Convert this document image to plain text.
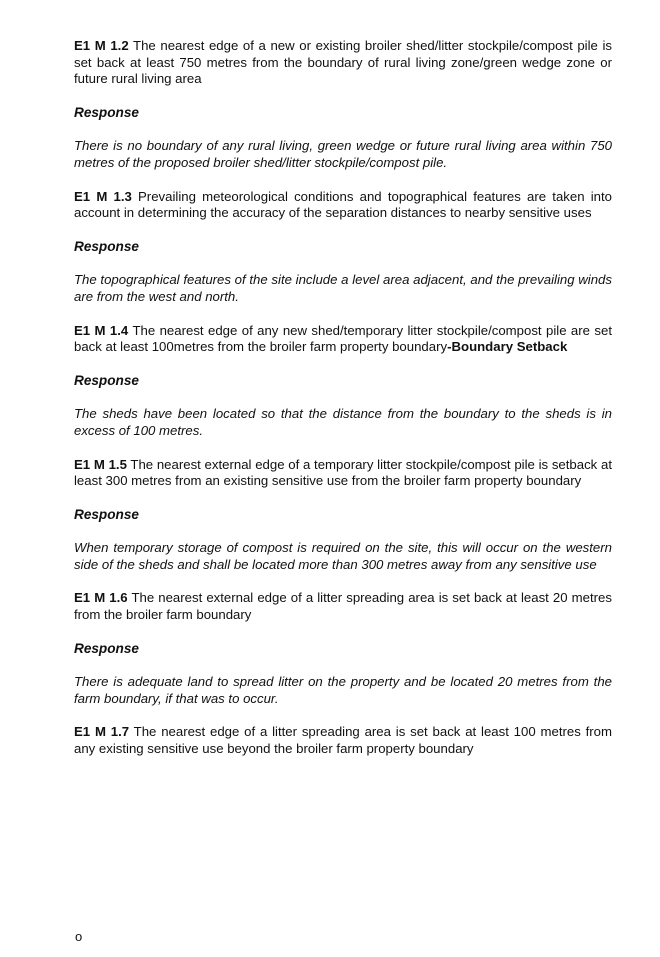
E1 M 1.2 The nearest edge of a new or existing broiler shed/litter stockpile/compost pile is set back at least 750 metres from the boundary of rural living zone/green wedge zone or future rural living area

Response

There is no boundary of any rural living, green wedge or future rural living area within 750 metres of the proposed broiler shed/litter stockpile/compost pile.

E1 M 1.3 Prevailing meteorological conditions and topographical features are taken into account in determining the accuracy of the separation distances to nearby sensitive uses

Response

The topographical features of the site include a level area adjacent, and the prevailing winds are from the west and north.

E1 M 1.4 The nearest edge of any new shed/temporary litter stockpile/compost pile are set back at least 100metres from the broiler farm property boundary-Boundary Setback

Response

The sheds have been located so that the distance from the boundary to the sheds is in excess of 100 metres.

E1 M 1.5 The nearest external edge of a temporary litter stockpile/compost pile is setback at least 300 metres from an existing sensitive use from the broiler farm property boundary

Response

When temporary storage of compost is required on the site, this will occur on the western side of the sheds and shall be located more than 300 metres away from any sensitive use

E1 M 1.6 The nearest external edge of a litter spreading area is set back at least 20 metres from the broiler farm boundary

Response

There is adequate land to spread litter on the property and be located 20 metres from the farm boundary, if that was to occur.

E1 M 1.7 The nearest edge of a litter spreading area is set back at least 100 metres from any existing sensitive use beyond the broiler farm property boundary

o
